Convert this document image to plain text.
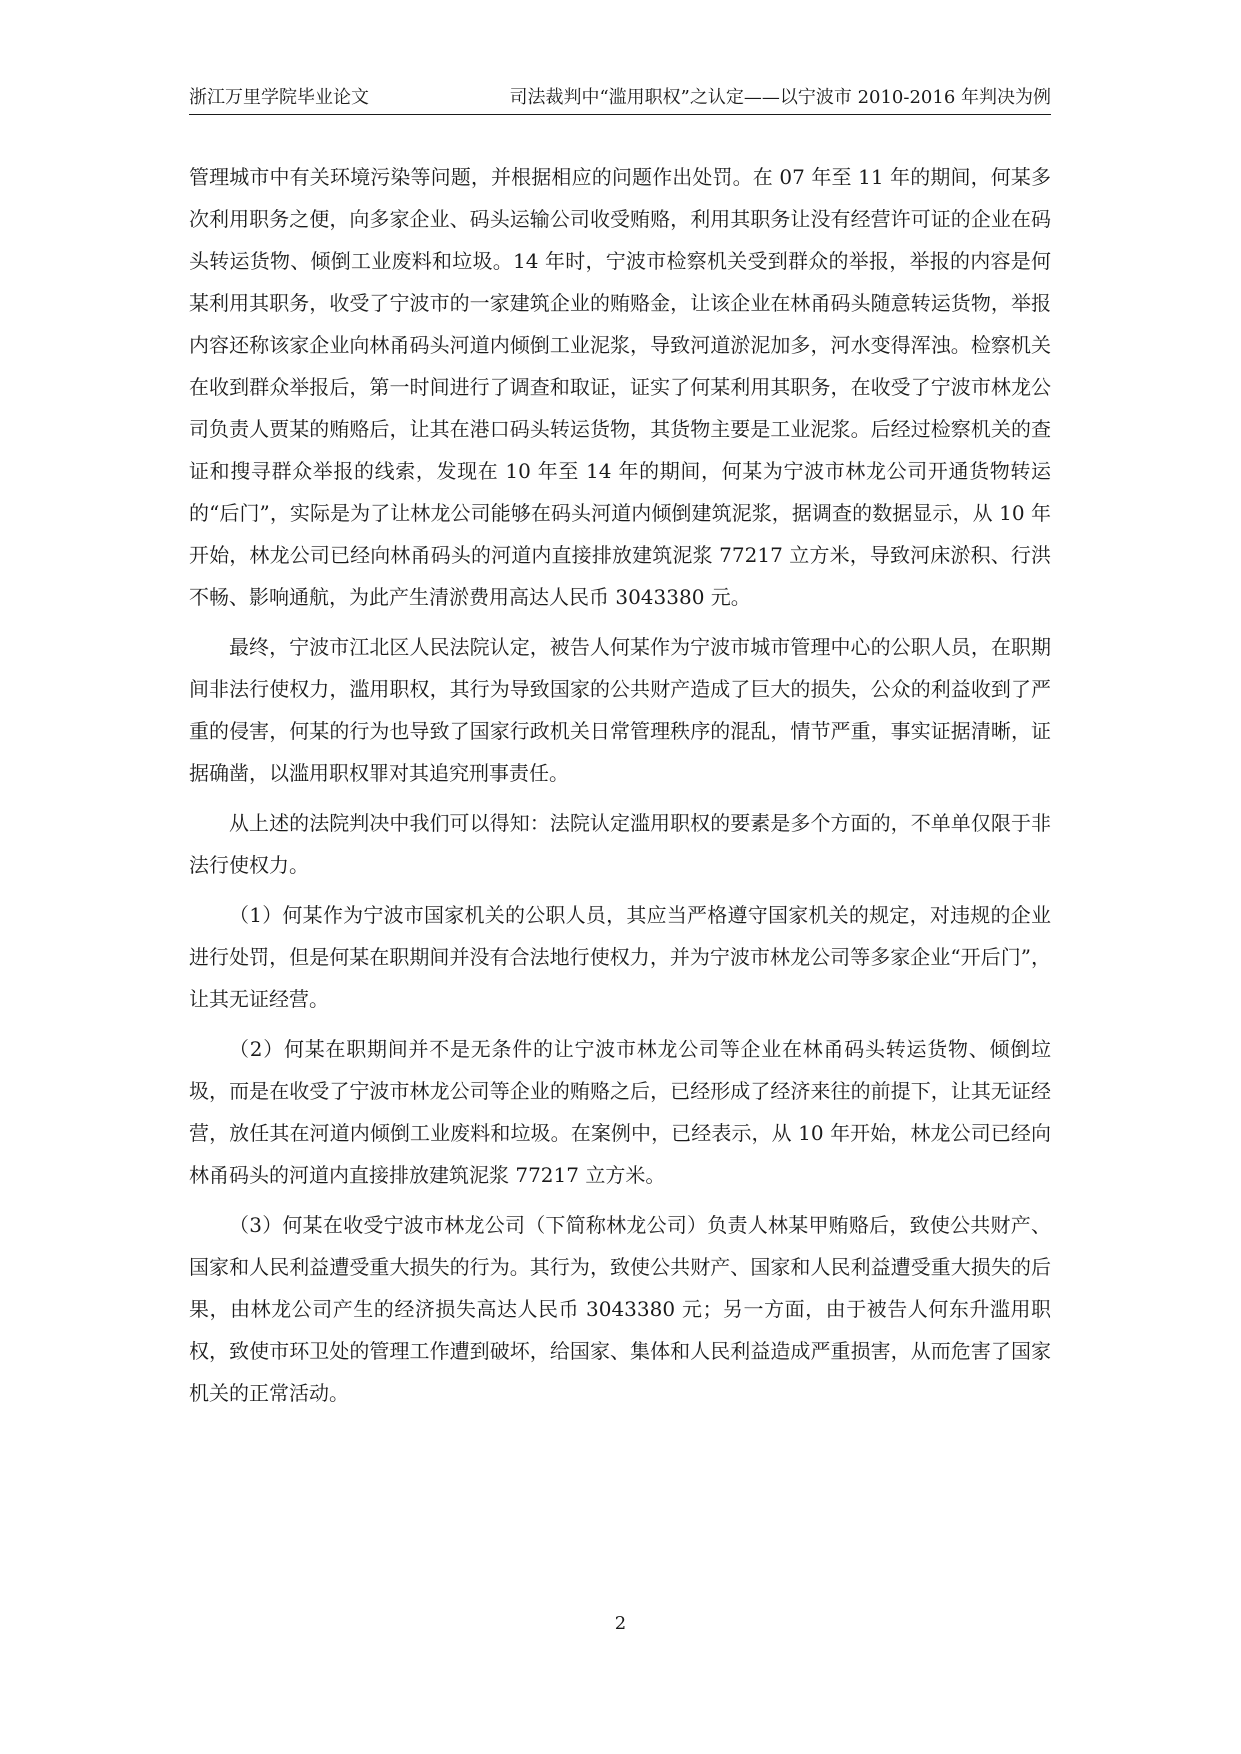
浙江万里学院毕业论文	司法裁判中“滥用职权”之认定——以宁波市 2010-2016 年判决为例

管理城市中有关环境污染等问题，并根据相应的问题作出处罚。在 07 年至 11 年的期间，何某多次利用职务之便，向多家企业、码头运输公司收受贿赂，利用其职务让没有经营许可证的企业在码头转运货物、倾倒工业废料和垃圾。14 年时，宁波市检察机关受到群众的举报，举报的内容是何某利用其职务，收受了宁波市的一家建筑企业的贿赂金，让该企业在林甬码头随意转运货物，举报内容还称该家企业向林甬码头河道内倾倒工业泥浆，导致河道淤泥加多，河水变得浑浊。检察机关在收到群众举报后，第一时间进行了调查和取证，证实了何某利用其职务，在收受了宁波市林龙公司负责人贾某的贿赂后，让其在港口码头转运货物，其货物主要是工业泥浆。后经过检察机关的查证和搜寻群众举报的线索，发现在 10 年至 14 年的期间，何某为宁波市林龙公司开通货物转运的“后门”，实际是为了让林龙公司能够在码头河道内倾倒建筑泥浆，据调查的数据显示，从 10 年开始，林龙公司已经向林甬码头的河道内直接排放建筑泥浆 77217 立方米，导致河床淤积、行洪不畅、影响通航，为此产生清淤费用高达人民币 3043380 元。

最终，宁波市江北区人民法院认定，被告人何某作为宁波市城市管理中心的公职人员，在职期间非法行使权力，滥用职权，其行为导致国家的公共财产造成了巨大的损失，公众的利益收到了严重的侵害，何某的行为也导致了国家行政机关日常管理秩序的混乱，情节严重，事实证据清晰，证据确凿，以滥用职权罪对其追究刑事责任。

从上述的法院判决中我们可以得知：法院认定滥用职权的要素是多个方面的，不单单仅限于非法行使权力。

（1）何某作为宁波市国家机关的公职人员，其应当严格遵守国家机关的规定，对违规的企业进行处罚，但是何某在职期间并没有合法地行使权力，并为宁波市林龙公司等多家企业“开后门”，让其无证经营。

（2）何某在职期间并不是无条件的让宁波市林龙公司等企业在林甬码头转运货物、倾倒垃圾，而是在收受了宁波市林龙公司等企业的贿赂之后，已经形成了经济来往的前提下，让其无证经营，放任其在河道内倾倒工业废料和垃圾。在案例中，已经表示，从 10 年开始，林龙公司已经向林甬码头的河道内直接排放建筑泥浆 77217 立方米。

（3）何某在收受宁波市林龙公司（下简称林龙公司）负责人林某甲贿赂后，致使公共财产、国家和人民利益遭受重大损失的行为。其行为，致使公共财产、国家和人民利益遭受重大损失的后果，由林龙公司产生的经济损失高达人民币 3043380 元；另一方面，由于被告人何东升滥用职权，致使市环卫处的管理工作遭到破坏，给国家、集体和人民利益造成严重损害，从而危害了国家机关的正常活动。

2
